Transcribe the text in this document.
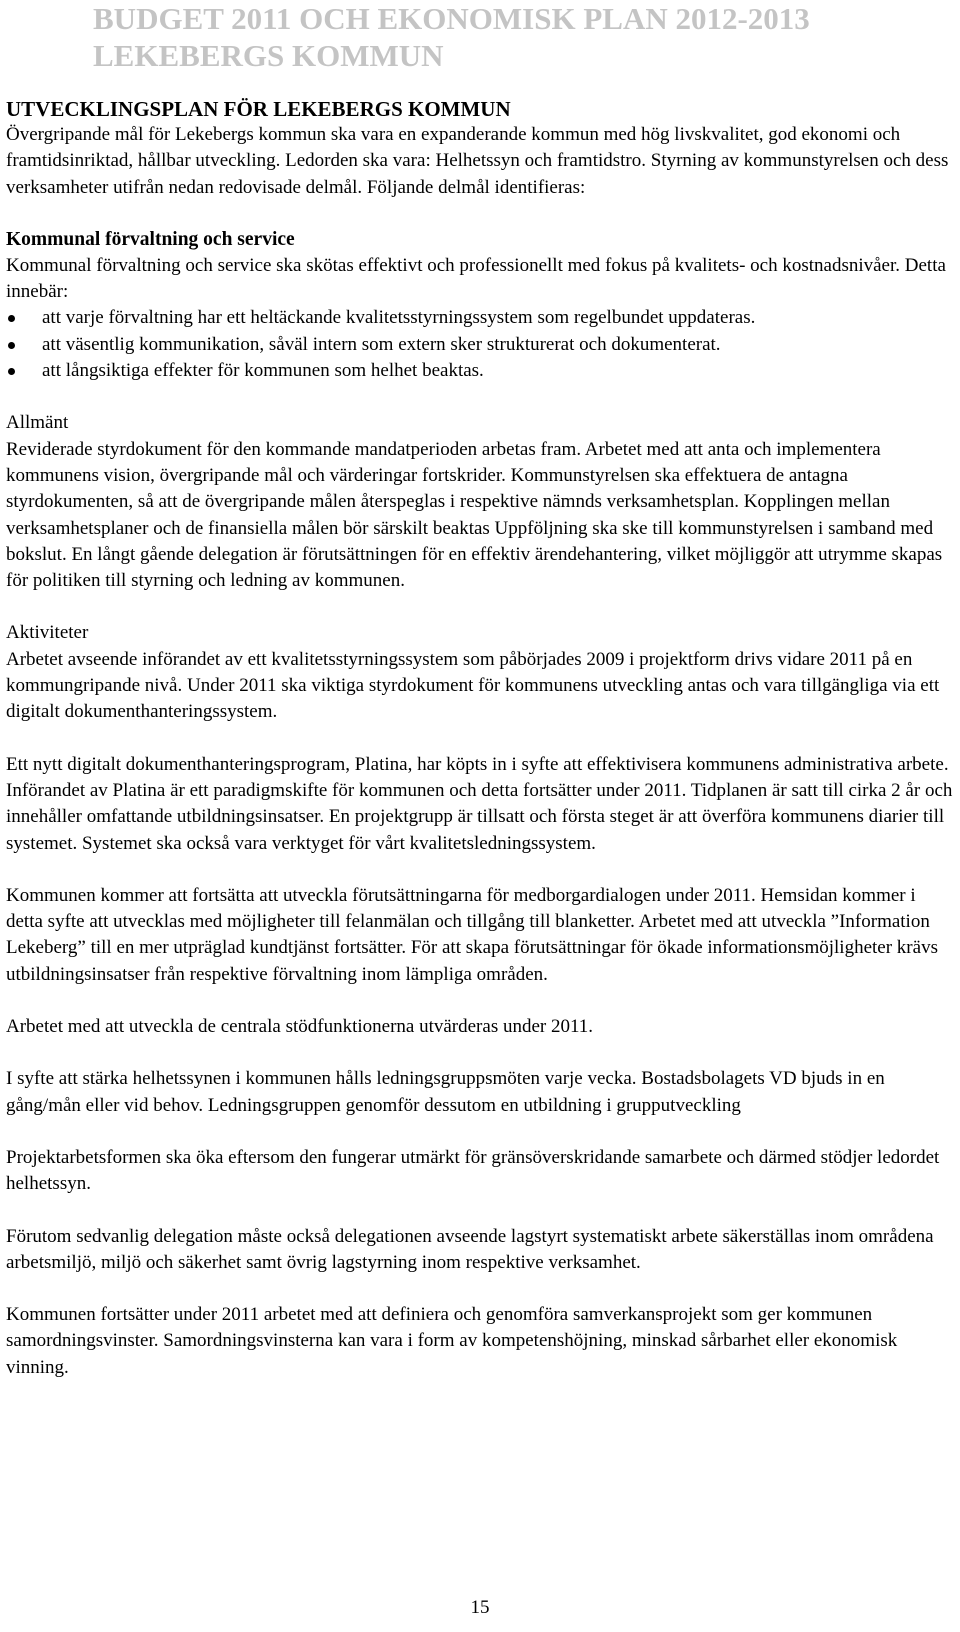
BUDGET 2011 OCH EKONOMISK PLAN 2012-2013
LEKEBERGS KOMMUN
UTVECKLINGSPLAN FÖR LEKEBERGS KOMMUN

Övergripande mål för Lekebergs kommun ska vara en expanderande kommun med hög livskvalitet, god ekonomi och framtidsinriktad, hållbar utveckling. Ledorden ska vara: Helhetssyn och framtidstro. Styrning av kommunstyrelsen och dess verksamheter utifrån nedan redovisade delmål. Följande delmål identifieras:

Kommunal förvaltning och service

Kommunal förvaltning och service ska skötas effektivt och professionellt med fokus på kvalitets- och kostnadsnivåer. Detta innebär:

att varje förvaltning har ett heltäckande kvalitetsstyrningssystem som regelbundet uppdateras.
att väsentlig kommunikation, såväl intern som extern sker strukturerat och dokumenterat.
att långsiktiga effekter för kommunen som helhet beaktas.

Allmänt

Reviderade styrdokument för den kommande mandatperioden arbetas fram. Arbetet med att anta och implementera kommunens vision, övergripande mål och värderingar fortskrider. Kommunstyrelsen ska effektuera de antagna styrdokumenten, så att de övergripande målen återspeglas i respektive nämnds verksamhetsplan. Kopplingen mellan verksamhetsplaner och de finansiella målen bör särskilt beaktas Uppföljning ska ske till kommunstyrelsen i samband med bokslut. En långt gående delegation är förutsättningen för en effektiv ärendehantering, vilket möjliggör att utrymme skapas för politiken till styrning och ledning av kommunen.

Aktiviteter

Arbetet avseende införandet av ett kvalitetsstyrningssystem som påbörjades 2009 i projektform drivs vidare 2011 på en kommungripande nivå. Under 2011 ska viktiga styrdokument för kommunens utveckling antas och vara tillgängliga via ett digitalt dokumenthanteringssystem.

Ett nytt digitalt dokumenthanteringsprogram, Platina, har köpts in i syfte att effektivisera kommunens administrativa arbete. Införandet av Platina är ett paradigmskifte för kommunen och detta fortsätter under 2011. Tidplanen är satt till cirka 2 år och innehåller omfattande utbildningsinsatser. En projektgrupp är tillsatt och första steget är att överföra kommunens diarier till systemet. Systemet ska också vara verktyget för vårt kvalitetsledningssystem.

Kommunen kommer att fortsätta att utveckla förutsättningarna för medborgardialogen under 2011. Hemsidan kommer i detta syfte att utvecklas med möjligheter till felanmälan och tillgång till blanketter. Arbetet med att utveckla ”Information Lekeberg” till en mer utpräglad kundtjänst fortsätter. För att skapa förutsättningar för ökade informationsmöjligheter krävs utbildningsinsatser från respektive förvaltning inom lämpliga områden.

Arbetet med att utveckla de centrala stödfunktionerna utvärderas under 2011.

I syfte att stärka helhetssynen i kommunen hålls ledningsgruppsmöten varje vecka. Bostadsbolagets VD bjuds in en gång/mån eller vid behov. Ledningsgruppen genomför dessutom en utbildning i grupputveckling

Projektarbetsformen ska öka eftersom den fungerar utmärkt för gränsöverskridande samarbete och därmed stödjer ledordet helhetssyn.

Förutom sedvanlig delegation måste också delegationen avseende lagstyrt systematiskt arbete säkerställas inom områdena arbetsmiljö, miljö och säkerhet samt övrig lagstyrning inom respektive verksamhet.

Kommunen fortsätter under 2011 arbetet med att definiera och genomföra samverkansprojekt som ger kommunen samordningsvinster. Samordningsvinsterna kan vara i form av kompetenshöjning, minskad sårbarhet eller ekonomisk vinning.

15
